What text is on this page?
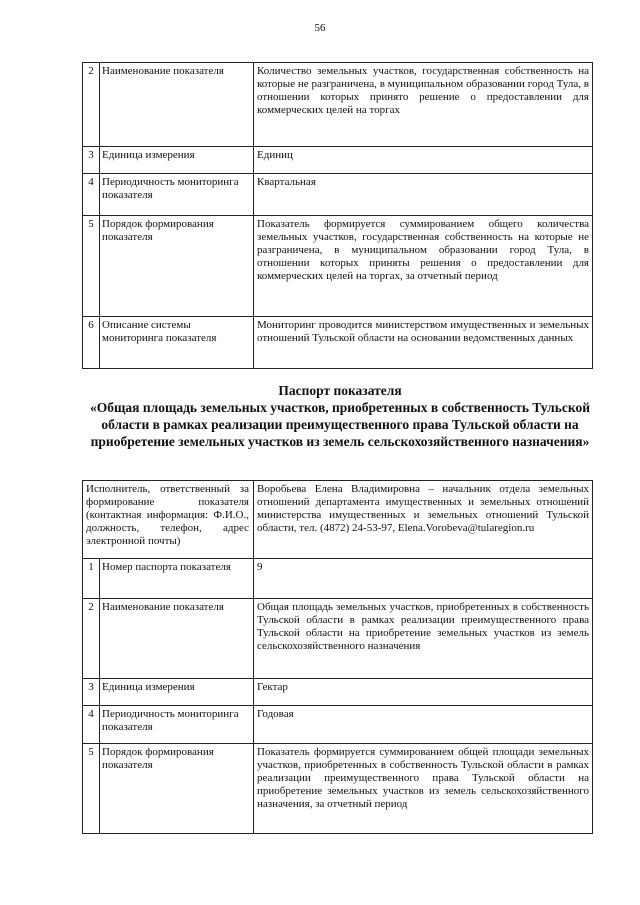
56
2	Наименование показателя	Количество земельных участков, государственная собственность на которые не разграничена, в муниципальном образовании город Тула, в отношении которых принято решение о предоставлении для коммерческих целей на торгах
3	Единица измерения	Единиц
4	Периодичность мониторинга показателя	Квартальная
5	Порядок формирования показателя	Показатель формируется суммированием общего количества земельных участков, государственная собственность на которые не разграничена, в муниципальном образовании город Тула, в отношении которых приняты решения о предоставлении для коммерческих целей на торгах, за отчетный период
6	Описание системы мониторинга показателя	Мониторинг проводится министерством имущественных и земельных отношений Тульской области на основании ведомственных данных
Паспорт показателя
«Общая площадь земельных участков, приобретенных в собственность Тульской области в рамках реализации преимущественного права Тульской области на приобретение земельных участков из земель сельскохозяйственного назначения»
Исполнитель, ответственный за формирование показателя (контактная информация: Ф.И.О., должность, телефон, адрес электронной почты)		Воробьева Елена Владимировна – начальник отдела земельных отношений департамента имущественных и земельных отношений министерства имущественных и земельных отношений Тульской области, тел. (4872) 24-53-97, Elena.Vorobeva@tularegion.ru
1	Номер паспорта показателя	9
2	Наименование показателя	Общая площадь земельных участков, приобретенных в собственность Тульской области в рамках реализации преимущественного права Тульской области на приобретение земельных участков из земель сельскохозяйственного назначения
3	Единица измерения	Гектар
4	Периодичность мониторинга показателя	Годовая
5	Порядок формирования показателя	Показатель формируется суммированием общей площади земельных участков, приобретенных в собственность Тульской области в рамках реализации преимущественного права Тульской области на приобретение земельных участков из земель сельскохозяйственного назначения, за отчетный период
